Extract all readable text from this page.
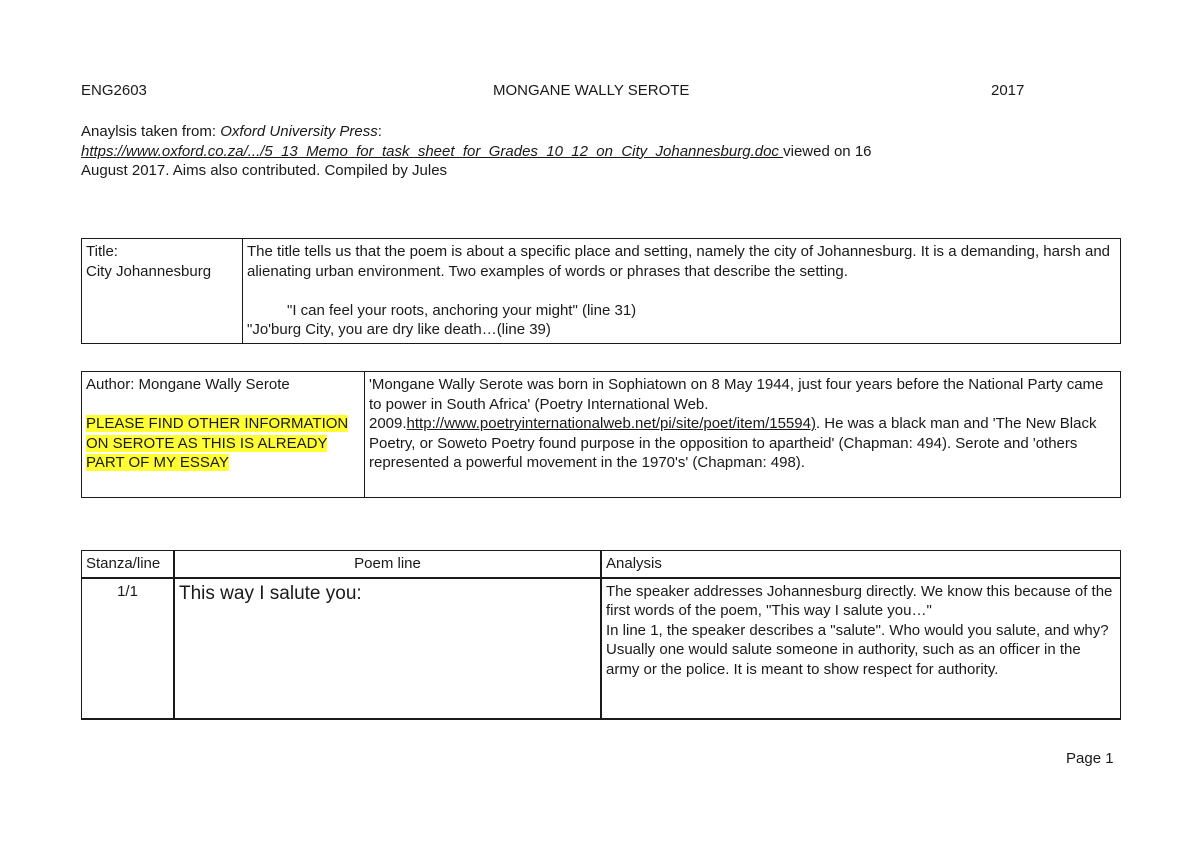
ENG2603	MONGANE WALLY SEROTE	2017
Anaylsis taken from: Oxford University Press:
https://www.oxford.co.za/.../5_13_Memo_for_task_sheet_for_Grades_10_12_on_City_Johannesburg.doc viewed on 16
August 2017. Aims also contributed. Compiled by Jules
Title:
City Johannesburg	The title tells us that the poem is about a specific place and setting, namely the city of Johannesburg. It is a demanding, harsh and alienating urban environment. Two examples of words or phrases that describe the setting.

"I can feel your roots, anchoring your might" (line 31)
"Jo'burg City, you are dry like death…(line 39)
Author: Mongane Wally Serote

PLEASE FIND OTHER INFORMATION ON SEROTE AS THIS IS ALREADY PART OF MY ESSAY	'Mongane Wally Serote was born in Sophiatown on 8 May 1944, just four years before the National Party came to power in South Africa' (Poetry International Web. 2009.http://www.poetryinternationalweb.net/pi/site/poet/item/15594). He was a black man and 'The New Black Poetry, or Soweto Poetry found purpose in the opposition to apartheid' (Chapman: 494). Serote and 'others represented a powerful movement in the 1970's' (Chapman: 498).
Stanza/line	Poem line	Analysis
1/1	This way I salute you:	The speaker addresses Johannesburg directly. We know this because of the first words of the poem, "This way I salute you…"
In line 1, the speaker describes a "salute". Who would you salute, and why?
Usually one would salute someone in authority, such as an officer in the army or the police. It is meant to show respect for authority.
Page 1
